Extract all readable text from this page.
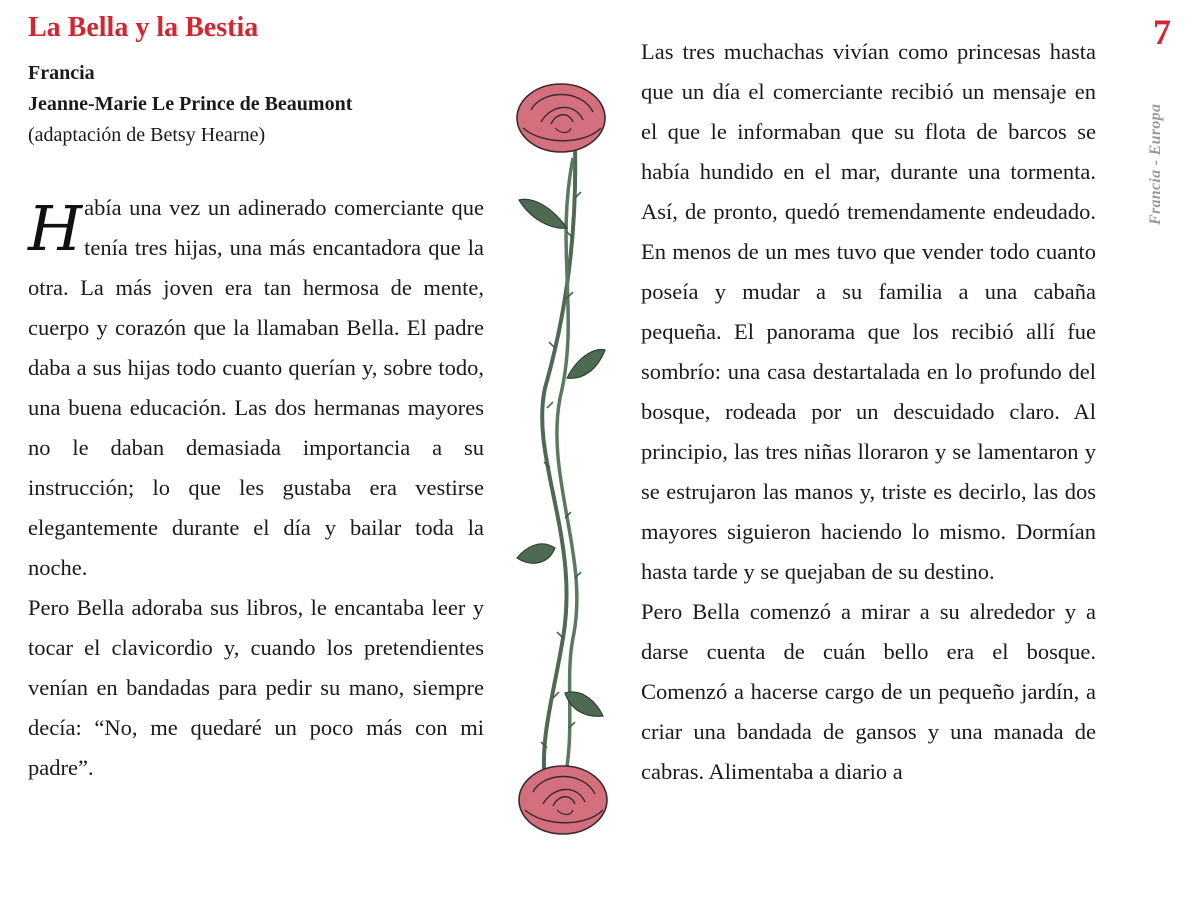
La Bella y la Bestia
Francia
Jeanne-Marie Le Prince de Beaumont
(adaptación de Betsy Hearne)

Había una vez un adinerado comerciante que tenía tres hijas, una más encantadora que la otra. La más joven era tan hermosa de mente, cuerpo y corazón que la llamaban Bella. El padre daba a sus hijas todo cuanto querían y, sobre todo, una buena educación. Las dos hermanas mayores no le daban demasiada importancia a su instrucción; lo que les gustaba era vestirse elegantemente durante el día y bailar toda la noche.

Pero Bella adoraba sus libros, le encantaba leer y tocar el clavicordio y, cuando los pretendientes venían en bandadas para pedir su mano, siempre decía: “No, me quedaré un poco más con mi padre”.

Las tres muchachas vivían como princesas hasta que un día el comerciante recibió un mensaje en el que le informaban que su flota de barcos se había hundido en el mar, durante una tormenta. Así, de pronto, quedó tremendamente endeudado. En menos de un mes tuvo que vender todo cuanto poseía y mudar a su familia a una cabaña pequeña. El panorama que los recibió allí fue sombrío: una casa destartalada en lo profundo del bosque, rodeada por un descuidado claro. Al principio, las tres niñas lloraron y se lamentaron y se estrujaron las manos y, triste es decirlo, las dos mayores siguieron haciendo lo mismo. Dormían hasta tarde y se quejaban de su destino.

Pero Bella comenzó a mirar a su alrededor y a darse cuenta de cuán bello era el bosque. Comenzó a hacerse cargo de un pequeño jardín, a criar una bandada de gansos y una manada de cabras. Alimentaba a diario a

7
Francia - Europa
